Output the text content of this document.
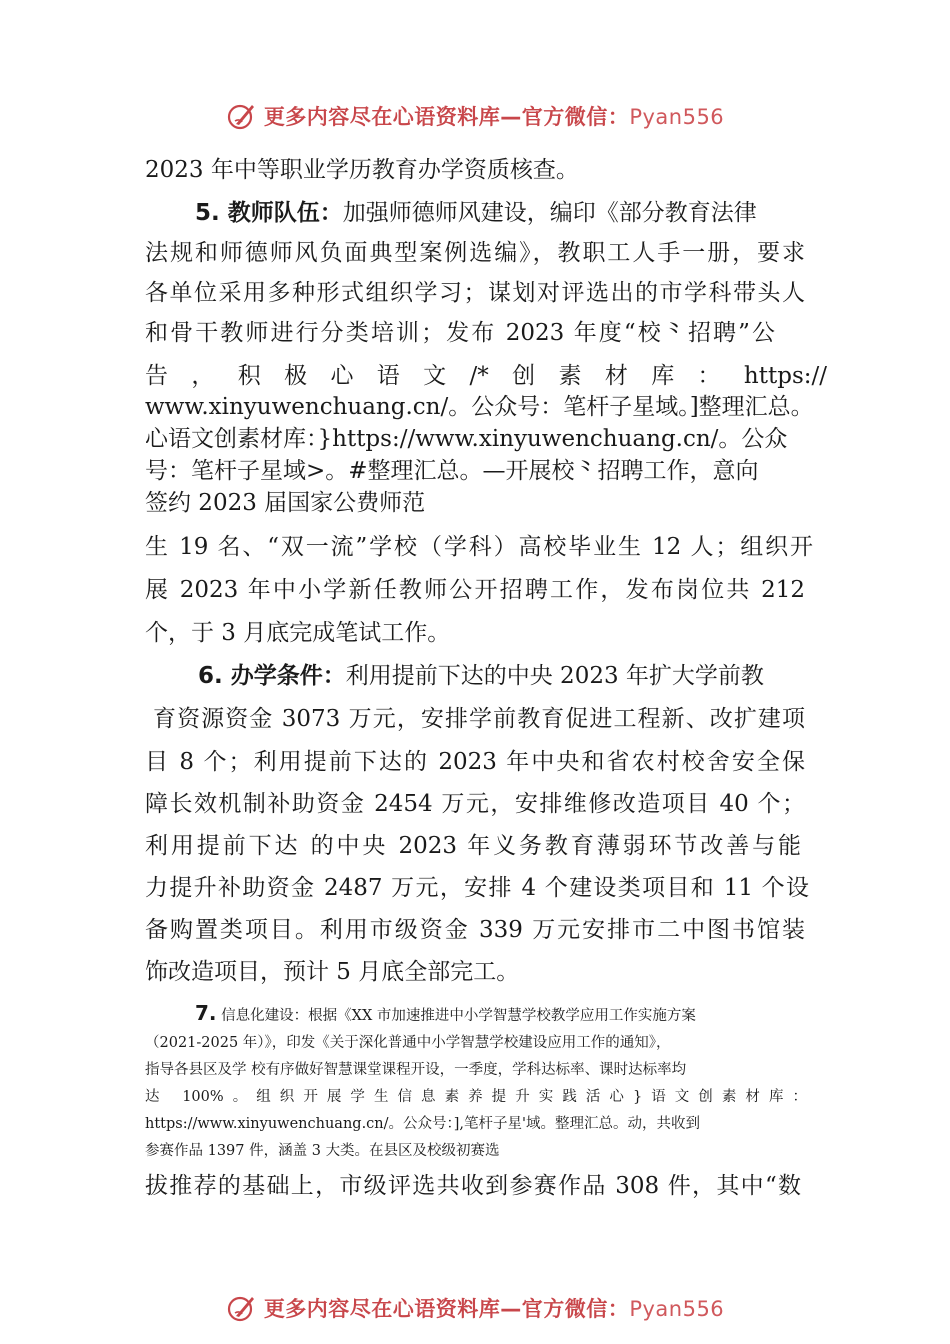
更多内容尽在心语资料库—官方微信：Pyan556
2023 年中等职业学历教育办学资质核查。
5. 教师队伍：加强师德师风建设，编印《部分教育法律
法规和师德师风负面典型案例选编》，教职工人手一册，要求
各单位采用多种形式组织学习；谋划对评选出的市学科带头人
和骨干教师进行分类培训；发布 2023 年度“校⺀招聘”公
告，积极心语文/*创素材库：https://
www.xinyuwenchuang.cn/。公众号：笔杆子星域。]整理汇总。
心语文创素材库：}https://www.xinyuwenchuang.cn/。公众
号：笔杆子星域>。#整理汇总。—开展校⺀招聘工作，意向
签约 2023 届国家公费师范
生 19 名、“双一流”学校（学科）高校毕业生 12 人；组织开
展 2023 年中小学新任教师公开招聘工作，发布岗位共 212
个，于 3 月底完成笔试工作。
6. 办学条件：利用提前下达的中央 2023 年扩大学前教
育资源资金 3073 万元，安排学前教育促进工程新、改扩建项
目 8 个；利用提前下达的 2023 年中央和省农村校舍安全保
障长效机制补助资金 2454 万元，安排维修改造项目 40 个；
利用提前下达 的中央 2023 年义务教育薄弱环节改善与能
力提升补助资金 2487 万元，安排 4 个建设类项目和 11 个设
备购置类项目。利用市级资金 339 万元安排市二中图书馆装
饰改造项目，预计 5 月底全部完工。
7. 信息化建设：根据《XX 市加速推进中小学智慧学校教学应用工作实施方案
（2021-2025 年）》，印发《关于深化普通中小学智慧学校建设应用工作的通知》，
指导各县区及学 校有序做好智慧课堂课程开设，一季度，学科达标率、课时达标率均
达 100%。组织开展学生信息素养提升实践活心}语文创素材库：
https://www.xinyuwenchuang.cn/。公众号：],笔杆子星'域。整理汇总。动，共收到
参赛作品 1397 件，涵盖 3 大类。在县区及校级初赛选
拔推荐的基础上，市级评选共收到参赛作品 308 件，其中“数
更多内容尽在心语资料库—官方微信：Pyan556
